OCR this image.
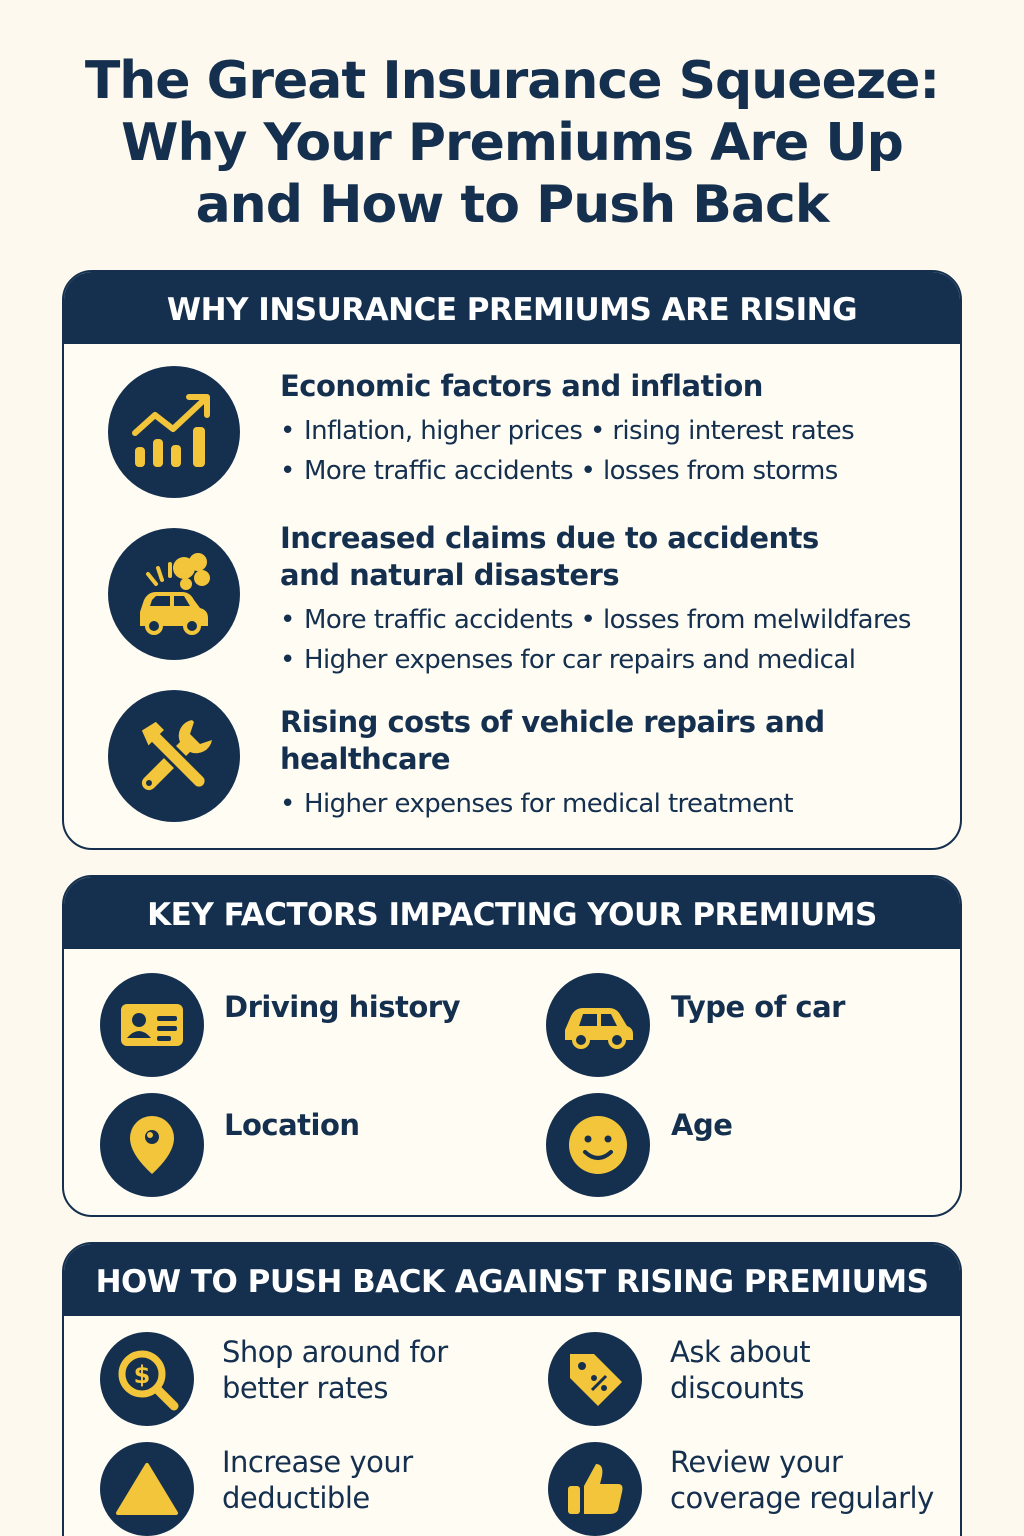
The Great Insurance Squeeze:
Why Your Premiums Are Up
and How to Push Back
WHY INSURANCE PREMIUMS ARE RISING
Economic factors and inflation
• Inflation, higher prices • rising interest rates
• More traffic accidents • losses from storms
Increased claims due to accidents and natural disasters
• More traffic accidents • losses from melwildfares
• Higher expenses for car repairs and medical
Rising costs of vehicle repairs and healthcare
• Higher expenses for medical treatment
KEY FACTORS IMPACTING YOUR PREMIUMS
Driving history	Type of car
Location	Age
HOW TO PUSH BACK AGAINST RISING PREMIUMS
$
Shop around for
better rates
Ask about
discounts
Increase your
deductible
Review your
coverage regularly
